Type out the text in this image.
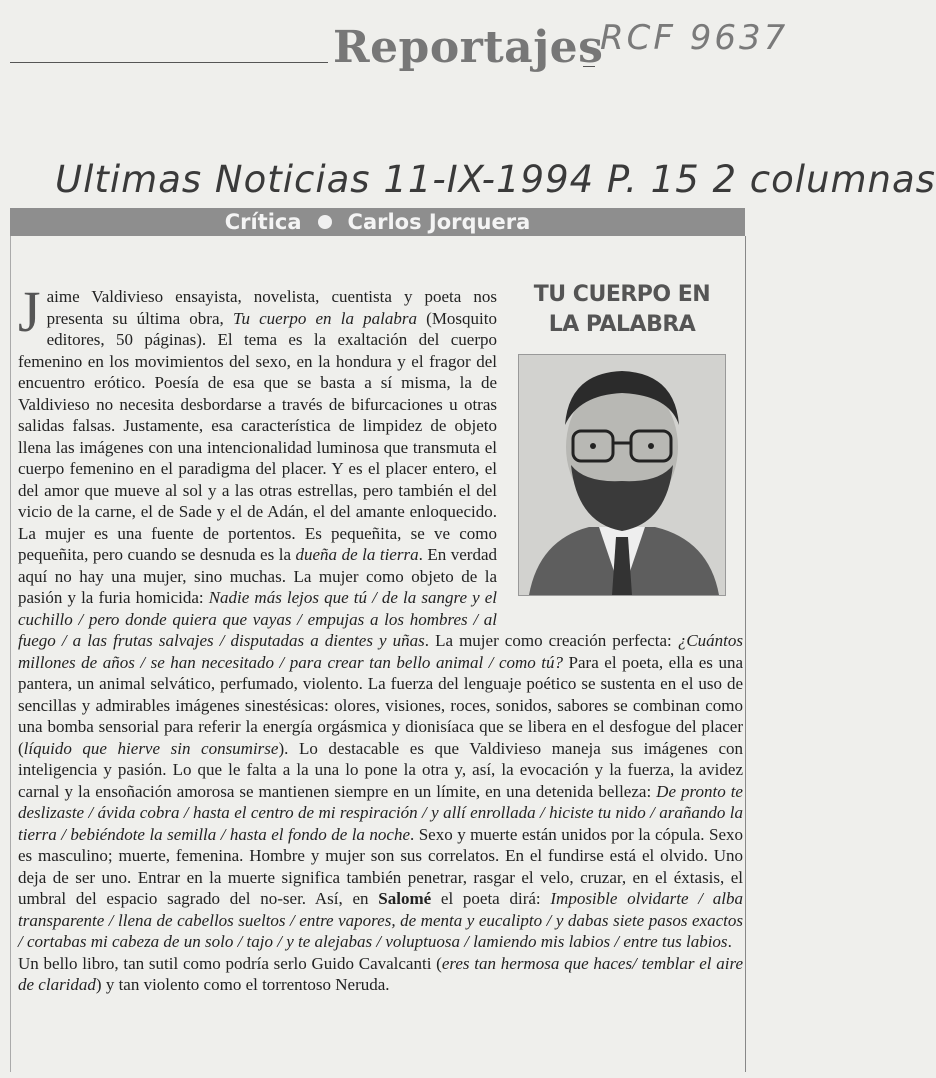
Reportajes
RCF 9637
Ultimas Noticias 11-IX-1994 P. 15 2 columnas
Crítica Carlos Jorquera
TU CUERPO EN LA PALABRA
J aime Valdivieso ensayista, novelista, cuentista y poeta nos presenta su última obra, Tu cuerpo en la palabra (Mosquito editores, 50 páginas). El tema es la exaltación del cuerpo femenino en los movimientos del sexo, en la hondura y el fragor del encuentro erótico. Poesía de esa que se basta a sí misma, la de Valdivieso no necesita desbordarse a través de bifurcaciones u otras salidas falsas. Justamente, esa característica de limpidez de objeto llena las imágenes con una intencionalidad luminosa que transmuta el cuerpo femenino en el paradigma del placer. Y es el placer entero, el del amor que mueve al sol y a las otras estrellas, pero también el del vicio de la carne, el de Sade y el de Adán, el del amante enloquecido. La mujer es una fuente de portentos. Es pequeñita, se ve como pequeñita, pero cuando se desnuda es la dueña de la tierra. En verdad aquí no hay una mujer, sino muchas. La mujer como objeto de la pasión y la furia homicida: Nadie más lejos que tú / de la sangre y el cuchillo / pero donde quiera que vayas / empujas a los hombres / al fuego / a las frutas salvajes / disputadas a dientes y uñas. La mujer como creación perfecta: ¿Cuántos millones de años / se han necesitado / para crear tan bello animal / como tú? Para el poeta, ella es una pantera, un animal selvático, perfumado, violento. La fuerza del lenguaje poético se sustenta en el uso de sencillas y admirables imágenes sinestésicas: olores, visiones, roces, sonidos, sabores se combinan como una bomba sensorial para referir la energía orgásmica y dionisíaca que se libera en el desfogue del placer (líquido que hierve sin consumirse). Lo destacable es que Valdivieso maneja sus imágenes con inteligencia y pasión. Lo que le falta a la una lo pone la otra y, así, la evocación y la fuerza, la avidez carnal y la ensoñación amorosa se mantienen siempre en un límite, en una detenida belleza: De pronto te deslizaste / ávida cobra / hasta el centro de mi respiración / y allí enrollada / hiciste tu nido / arañando la tierra / bebiéndote la semilla / hasta el fondo de la noche. Sexo y muerte están unidos por la cópula. Sexo es masculino; muerte, femenina. Hombre y mujer son sus correlatos. En el fundirse está el olvido. Uno deja de ser uno. Entrar en la muerte significa también penetrar, rasgar el velo, cruzar, en el éxtasis, el umbral del espacio sagrado del no-ser. Así, en Salomé el poeta dirá: Imposible olvidarte / alba transparente / llena de cabellos sueltos / entre vapores, de menta y eucalipto / y dabas siete pasos exactos / cortabas mi cabeza de un solo / tajo / y te alejabas / voluptuosa / lamiendo mis labios / entre tus labios.

Un bello libro, tan sutil como podría serlo Guido Cavalcanti (eres tan hermosa que haces/ temblar el aire de claridad) y tan violento como el torrentoso Neruda.
